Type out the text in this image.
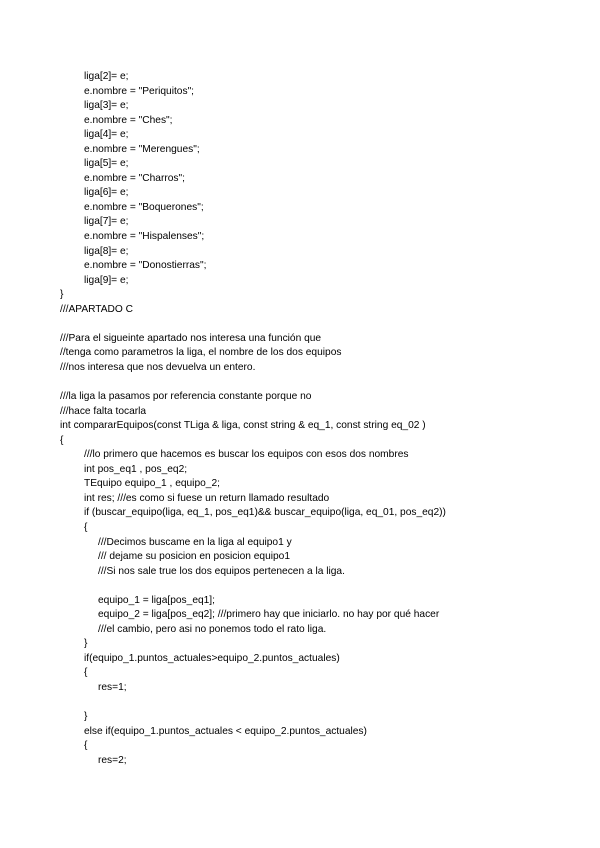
liga[2]= e;
e.nombre = "Periquitos";
liga[3]= e;
e.nombre = "Ches";
liga[4]= e;
e.nombre = "Merengues";
liga[5]= e;
e.nombre = "Charros";
liga[6]= e;
e.nombre = "Boquerones";
liga[7]= e;
e.nombre = "Hispalenses";
liga[8]= e;
e.nombre = "Donostierras";
liga[9]= e;
}
///APARTADO C
///Para el sigueinte apartado nos interesa una función que
//tenga como parametros la liga, el nombre de los dos equipos
///nos interesa que nos devuelva un entero.
///la liga la pasamos por referencia constante porque no
///hace falta tocarla
int compararEquipos(const TLiga & liga, const string & eq_1, const string eq_02 )
{
///lo primero que hacemos es buscar los equipos con esos dos nombres
int pos_eq1 , pos_eq2;
TEquipo equipo_1 , equipo_2;
int res; ///es como si fuese un return llamado resultado
if (buscar_equipo(liga, eq_1, pos_eq1)&& buscar_equipo(liga, eq_01, pos_eq2))
{
///Decimos buscame en la liga al equipo1 y
/// dejame su posicion en posicion equipo1
///Si nos sale true los dos equipos pertenecen a la liga.
equipo_1 = liga[pos_eq1];
equipo_2 = liga[pos_eq2]; ///primero hay que iniciarlo. no hay por qué hacer
///el cambio, pero asi no ponemos todo el rato liga.
}
if(equipo_1.puntos_actuales>equipo_2.puntos_actuales)
{
res=1;
}
else if(equipo_1.puntos_actuales < equipo_2.puntos_actuales)
{
res=2;
